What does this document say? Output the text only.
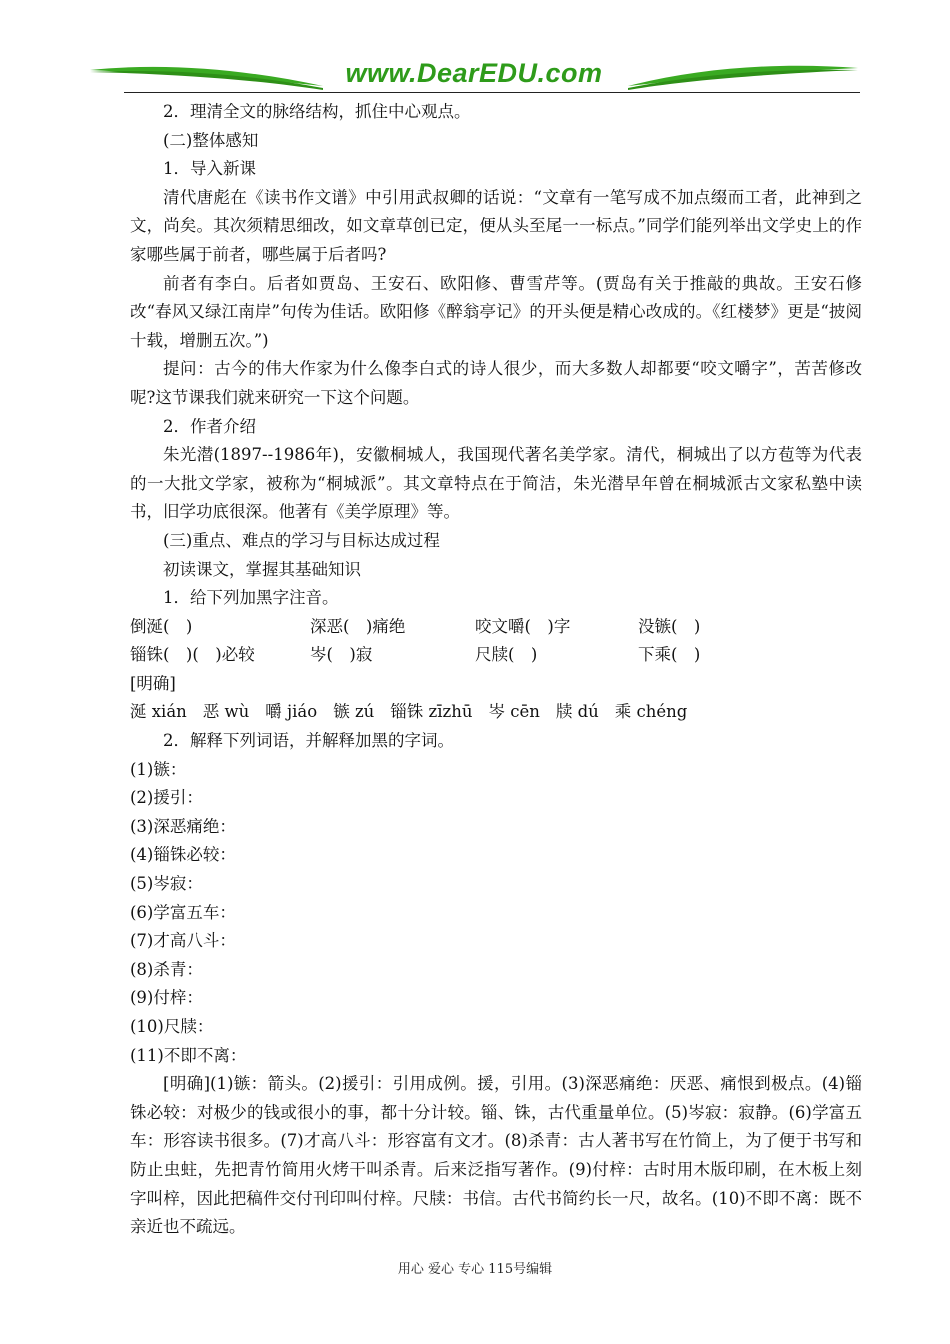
www.DearEDU.com

2．理清全文的脉络结构，抓住中心观点。

(二)整体感知

1．导入新课

清代唐彪在《读书作文谱》中引用武叔卿的话说：“文章有一笔写成不加点缀而工者，此神到之文，尚矣。其次须精思细改，如文章草创已定，便从头至尾一一标点。”同学们能列举出文学史上的作家哪些属于前者，哪些属于后者吗?

前者有李白。后者如贾岛、王安石、欧阳修、曹雪芹等。(贾岛有关于推敲的典故。王安石修改“春风又绿江南岸”句传为佳话。欧阳修《醉翁亭记》的开头便是精心改成的。《红楼梦》更是“披阅十载，增删五次。”)

提问：古今的伟大作家为什么像李白式的诗人很少，而大多数人却都要“咬文嚼字”，苦苦修改呢?这节课我们就来研究一下这个问题。

2．作者介绍

朱光潜(1897--1986年)，安徽桐城人，我国现代著名美学家。清代，桐城出了以方苞等为代表的一大批文学家，被称为“桐城派”。其文章特点在于简洁，朱光潜早年曾在桐城派古文家私塾中读书，旧学功底很深。他著有《美学原理》等。

(三)重点、难点的学习与目标达成过程

初读课文，掌握其基础知识

1．给下列加黑字注音。

倒涎(　)	深恶(　)痛绝	咬文嚼(　)字	没镞(　)
锱铢(　)(　)必较	岑(　)寂	尺牍(　)	下乘(　)

[明确]

涎 xián 恶 wù 嚼 jiáo 镞 zú 锱铢 zīzhū 岑 cēn 牍 dú 乘 chéng

2．解释下列词语，并解释加黑的字词。

(1)镞：

(2)援引：

(3)深恶痛绝：

(4)锱铢必较：

(5)岑寂：

(6)学富五车：

(7)才高八斗：

(8)杀青：

(9)付梓：

(10)尺牍：

(11)不即不离：

[明确](1)镞：箭头。(2)援引：引用成例。援，引用。(3)深恶痛绝：厌恶、痛恨到极点。(4)锱铢必较：对极少的钱或很小的事，都十分计较。锱、铢，古代重量单位。(5)岑寂：寂静。(6)学富五车：形容读书很多。(7)才高八斗：形容富有文才。(8)杀青：古人著书写在竹简上，为了便于书写和防止虫蛀，先把青竹简用火烤干叫杀青。后来泛指写著作。(9)付梓：古时用木版印刷，在木板上刻字叫梓，因此把稿件交付刊印叫付梓。尺牍：书信。古代书简约长一尺，故名。(10)不即不离：既不亲近也不疏远。

用心 爱心 专心 115号编辑
